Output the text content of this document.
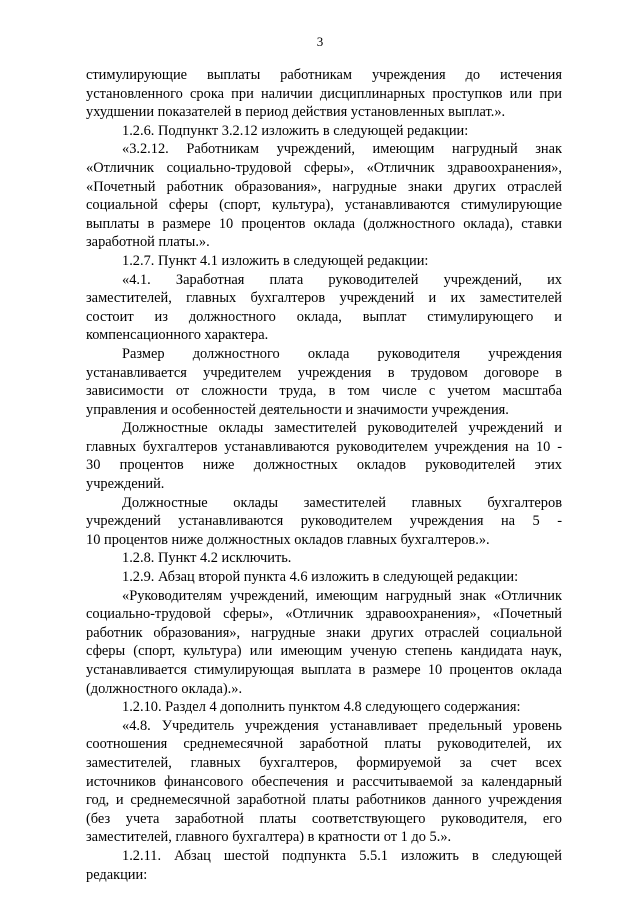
3
стимулирующие выплаты работникам учреждения до истечения
установленного срока при наличии дисциплинарных проступков или при
ухудшении показателей в период действия установленных выплат.».
1.2.6. Подпункт 3.2.12 изложить в следующей редакции:
«3.2.12. Работникам учреждений, имеющим нагрудный знак
«Отличник социально-трудовой сферы», «Отличник здравоохранения»,
«Почетный работник образования», нагрудные знаки других отраслей
социальной сферы (спорт, культура), устанавливаются стимулирующие
выплаты в размере 10 процентов оклада (должностного оклада), ставки
заработной платы.».
1.2.7. Пункт 4.1 изложить в следующей редакции:
«4.1. Заработная плата руководителей учреждений, их
заместителей, главных бухгалтеров учреждений и их заместителей
состоит из должностного оклада, выплат стимулирующего и
компенсационного характера.
Размер должностного оклада руководителя учреждения
устанавливается учредителем учреждения в трудовом договоре в
зависимости от сложности труда, в том числе с учетом масштаба
управления и особенностей деятельности и значимости учреждения.
Должностные оклады заместителей руководителей учреждений и
главных бухгалтеров устанавливаются руководителем учреждения на 10 -
30 процентов ниже должностных окладов руководителей этих
учреждений.
Должностные оклады заместителей главных бухгалтеров
учреждений устанавливаются руководителем учреждения на 5 -
10 процентов ниже должностных окладов главных бухгалтеров.».
1.2.8. Пункт 4.2 исключить.
1.2.9. Абзац второй пункта 4.6 изложить в следующей редакции:
«Руководителям учреждений, имеющим нагрудный знак «Отличник
социально-трудовой сферы», «Отличник здравоохранения», «Почетный
работник образования», нагрудные знаки других отраслей социальной
сферы (спорт, культура) или имеющим ученую степень кандидата наук,
устанавливается стимулирующая выплата в размере 10 процентов оклада
(должностного оклада).».
1.2.10. Раздел 4 дополнить пунктом 4.8 следующего содержания:
«4.8. Учредитель учреждения устанавливает предельный уровень
соотношения среднемесячной заработной платы руководителей, их
заместителей, главных бухгалтеров, формируемой за счет всех
источников финансового обеспечения и рассчитываемой за календарный
год, и среднемесячной заработной платы работников данного учреждения
(без учета заработной платы соответствующего руководителя, его
заместителей, главного бухгалтера) в кратности от 1 до 5.».
1.2.11. Абзац шестой подпункта 5.5.1 изложить в следующей
редакции:
